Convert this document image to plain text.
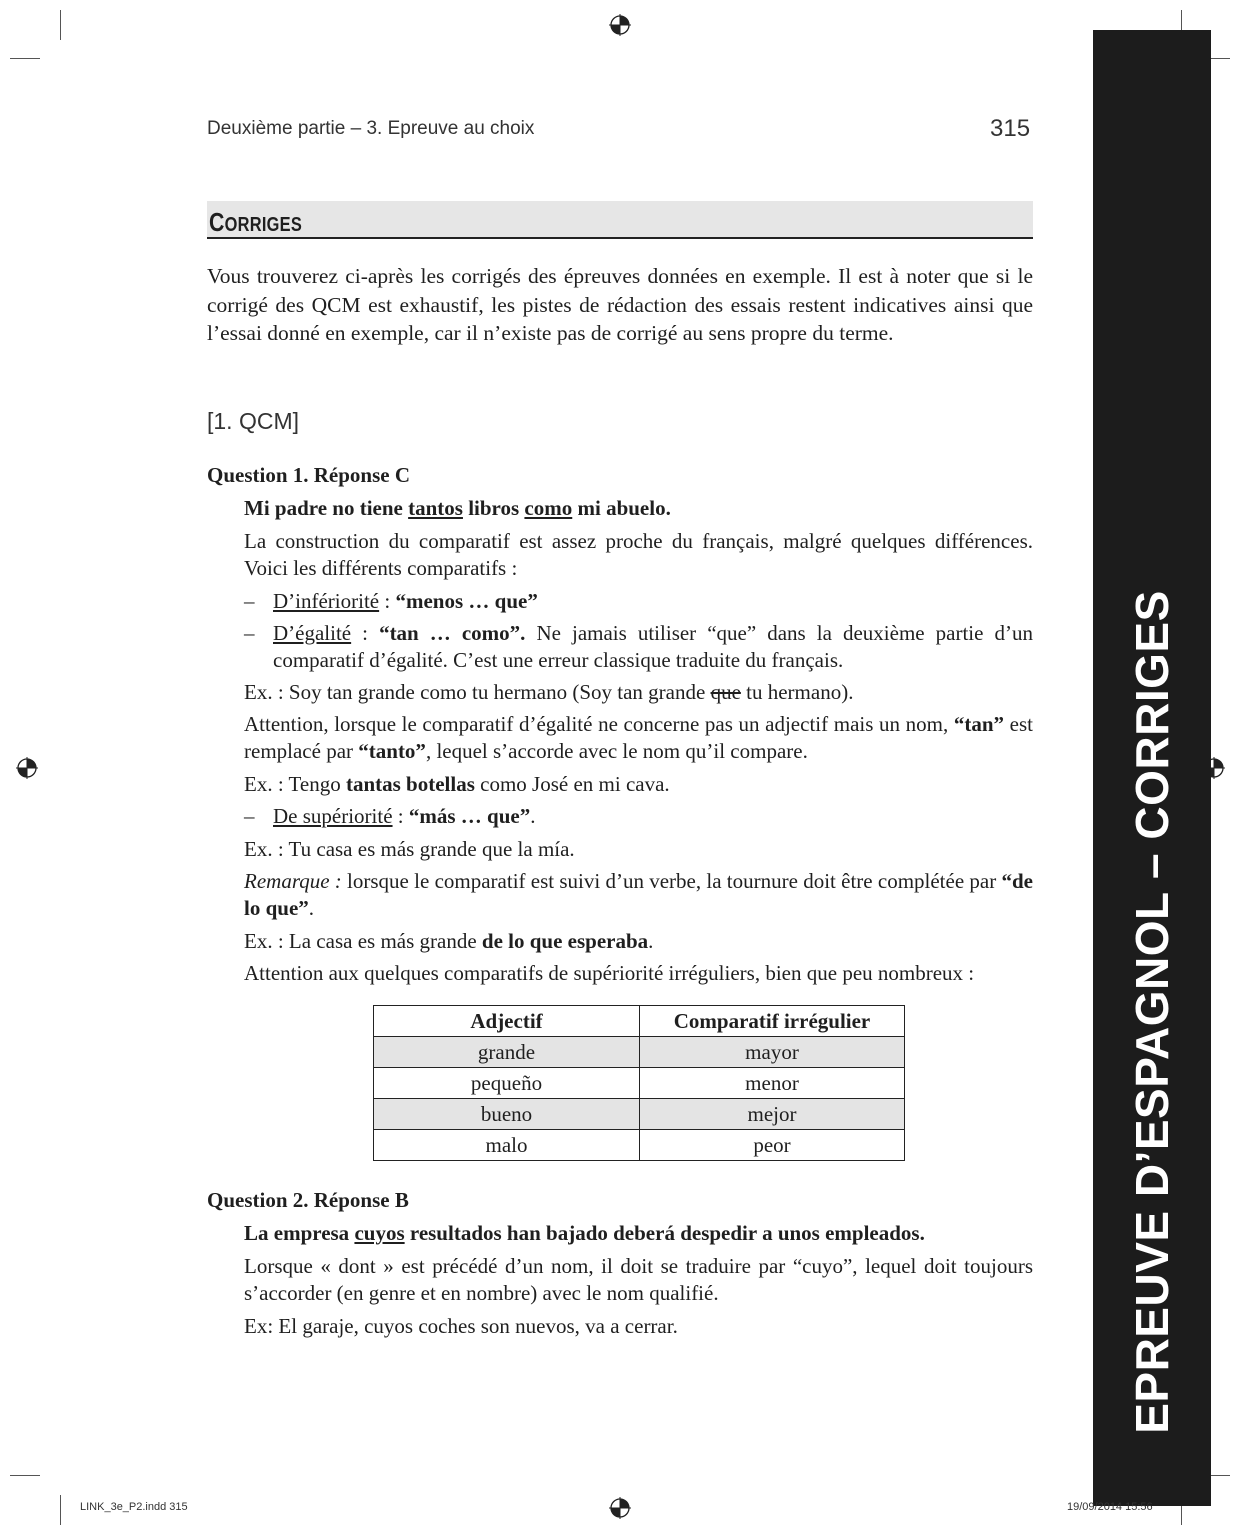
EPREUVE D’ESPAGNOL – CORRIGES
Deuxième partie – 3. Epreuve au choix	315
CORRIGES
Vous trouverez ci-après les corrigés des épreuves données en exemple. Il est à noter que si le corrigé des QCM est exhaustif, les pistes de rédaction des essais restent indicatives ainsi que l’essai donné en exemple, car il n’existe pas de corrigé au sens propre du terme.
[1. QCM]
Question 1. Réponse C
Mi padre no tiene tantos libros como mi abuelo.
La construction du comparatif est assez proche du français, malgré quelques différences. Voici les différents comparatifs :
– D’infériorité : “menos … que”
– D’égalité : “tan … como”. Ne jamais utiliser “que” dans la deuxième partie d’un comparatif d’égalité. C’est une erreur classique traduite du français.
Ex. : Soy tan grande como tu hermano (Soy tan grande que tu hermano).
Attention, lorsque le comparatif d’égalité ne concerne pas un adjectif mais un nom, “tan” est remplacé par “tanto”, lequel s’accorde avec le nom qu’il compare.
Ex. : Tengo tantas botellas como José en mi cava.
– De supériorité : “más … que”.
Ex. : Tu casa es más grande que la mía.
Remarque : lorsque le comparatif est suivi d’un verbe, la tournure doit être complétée par “de lo que”.
Ex. : La casa es más grande de lo que esperaba.
Attention aux quelques comparatifs de supériorité irréguliers, bien que peu nombreux :
Adjectif	Comparatif irrégulier
grande	mayor
pequeño	menor
bueno	mejor
malo	peor
Question 2. Réponse B
La empresa cuyos resultados han bajado deberá despedir a unos empleados.
Lorsque « dont » est précédé d’un nom, il doit se traduire par “cuyo”, lequel doit toujours s’accorder (en genre et en nombre) avec le nom qualifié.
Ex: El garaje, cuyos coches son nuevos, va a cerrar.
LINK_3e_P2.indd 315	19/09/2014 15:56
